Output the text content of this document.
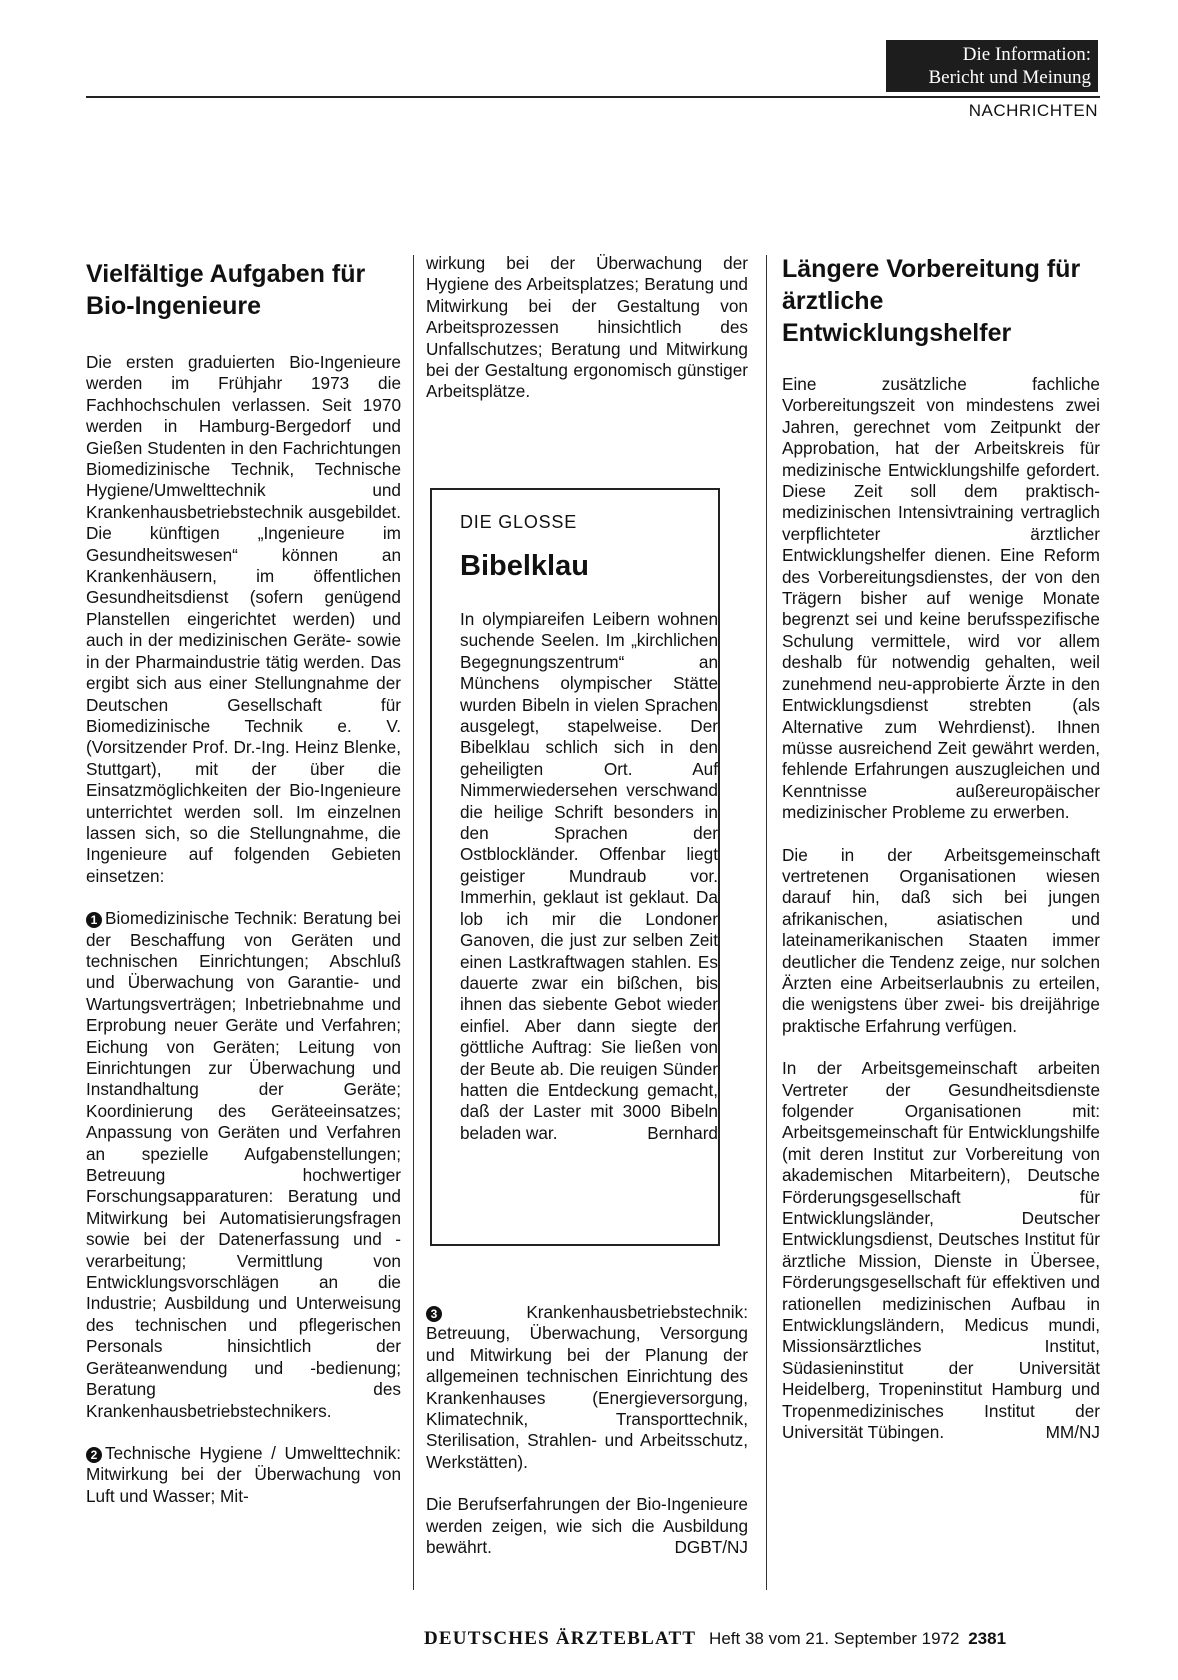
Die Information:
Bericht und Meinung
NACHRICHTEN
Vielfältige Aufgaben für Bio-Ingenieure

Die ersten graduierten Bio-Ingenieure werden im Frühjahr 1973 die Fachhochschulen verlassen. Seit 1970 werden in Hamburg-Bergedorf und Gießen Studenten in den Fachrichtungen Biomedizinische Technik, Technische Hygiene/Umwelttechnik und Krankenhausbetriebstechnik ausgebildet. Die künftigen „Ingenieure im Gesundheitswesen“ können an Krankenhäusern, im öffentlichen Gesundheitsdienst (sofern genügend Planstellen eingerichtet werden) und auch in der medizinischen Geräte- sowie in der Pharmaindustrie tätig werden. Das ergibt sich aus einer Stellungnahme der Deutschen Gesellschaft für Biomedizinische Technik e. V. (Vorsitzender Prof. Dr.-Ing. Heinz Blenke, Stuttgart), mit der über die Einsatzmöglichkeiten der Bio-Ingenieure unterrichtet werden soll. Im einzelnen lassen sich, so die Stellungnahme, die Ingenieure auf folgenden Gebieten einsetzen:

1 Biomedizinische Technik: Beratung bei der Beschaffung von Geräten und technischen Einrichtungen; Abschluß und Überwachung von Garantie- und Wartungsverträgen; Inbetriebnahme und Erprobung neuer Geräte und Verfahren; Eichung von Geräten; Leitung von Einrichtungen zur Überwachung und Instandhaltung der Geräte; Koordinierung des Geräteeinsatzes; Anpassung von Geräten und Verfahren an spezielle Aufgabenstellungen; Betreuung hochwertiger Forschungsapparaturen: Beratung und Mitwirkung bei Automatisierungsfragen sowie bei der Datenerfassung und -verarbeitung; Vermittlung von Entwicklungsvorschlägen an die Industrie; Ausbildung und Unterweisung des technischen und pflegerischen Personals hinsichtlich der Geräteanwendung und -bedienung; Beratung des Krankenhausbetriebstechnikers.

2 Technische Hygiene / Umwelttechnik: Mitwirkung bei der Überwachung von Luft und Wasser; Mit-

wirkung bei der Überwachung der Hygiene des Arbeitsplatzes; Beratung und Mitwirkung bei der Gestaltung von Arbeitsprozessen hinsichtlich des Unfallschutzes; Beratung und Mitwirkung bei der Gestaltung ergonomisch günstiger Arbeitsplätze.

DIE GLOSSE
Bibelklau

In olympiareifen Leibern wohnen suchende Seelen. Im „kirchlichen Begegnungszentrum“ an Münchens olympischer Stätte wurden Bibeln in vielen Sprachen ausgelegt, stapelweise. Der Bibelklau schlich sich in den geheiligten Ort. Auf Nimmerwiedersehen verschwand die heilige Schrift besonders in den Sprachen der Ostblockländer. Offenbar liegt geistiger Mundraub vor. Immerhin, geklaut ist geklaut. Da lob ich mir die Londoner Ganoven, die just zur selben Zeit einen Lastkraftwagen stahlen. Es dauerte zwar ein bißchen, bis ihnen das siebente Gebot wieder einfiel. Aber dann siegte der göttliche Auftrag: Sie ließen von der Beute ab. Die reuigen Sünder hatten die Entdeckung gemacht, daß der Laster mit 3000 Bibeln beladen war.	Bernhard

3	Krankenhausbetriebstechnik: Betreuung, Überwachung, Versorgung und Mitwirkung bei der Planung der allgemeinen technischen Einrichtung des Krankenhauses (Energieversorgung, Klimatechnik, Transporttechnik, Sterilisation, Strahlen- und Arbeitsschutz, Werkstätten).

Die Berufserfahrungen der Bio-Ingenieure werden zeigen, wie sich die Ausbildung bewährt.	DGBT/NJ

Längere Vorbereitung für ärztliche Entwicklungshelfer

Eine zusätzliche fachliche Vorbereitungszeit von mindestens zwei Jahren, gerechnet vom Zeitpunkt der Approbation, hat der Arbeitskreis für medizinische Entwicklungshilfe gefordert. Diese Zeit soll dem praktisch-medizinischen Intensivtraining vertraglich verpflichteter ärztlicher Entwicklungshelfer dienen. Eine Reform des Vorbereitungsdienstes, der von den Trägern bisher auf wenige Monate begrenzt sei und keine berufsspezifische Schulung vermittele, wird vor allem deshalb für notwendig gehalten, weil zunehmend neu-approbierte Ärzte in den Entwicklungsdienst strebten (als Alternative zum Wehrdienst). Ihnen müsse ausreichend Zeit gewährt werden, fehlende Erfahrungen auszugleichen und Kenntnisse außereuropäischer medizinischer Probleme zu erwerben.

Die in der Arbeitsgemeinschaft vertretenen Organisationen wiesen darauf hin, daß sich bei jungen afrikanischen, asiatischen und lateinamerikanischen Staaten immer deutlicher die Tendenz zeige, nur solchen Ärzten eine Arbeitserlaubnis zu erteilen, die wenigstens über zwei- bis dreijährige praktische Erfahrung verfügen.

In der Arbeitsgemeinschaft arbeiten Vertreter der Gesundheitsdienste folgender Organisationen mit: Arbeitsgemeinschaft für Entwicklungshilfe (mit deren Institut zur Vorbereitung von akademischen Mitarbeitern), Deutsche Förderungsgesellschaft für Entwicklungsländer, Deutscher Entwicklungsdienst, Deutsches Institut für ärztliche Mission, Dienste in Übersee, Förderungsgesellschaft für effektiven und rationellen medizinischen Aufbau in Entwicklungsländern, Medicus mundi, Missionsärztliches Institut, Südasieninstitut der Universität Heidelberg, Tropeninstitut Hamburg und Tropenmedizinisches Institut der Universität Tübingen.	MM/NJ

DEUTSCHES ÄRZTEBLATT Heft 38 vom 21. September 1972 2381
